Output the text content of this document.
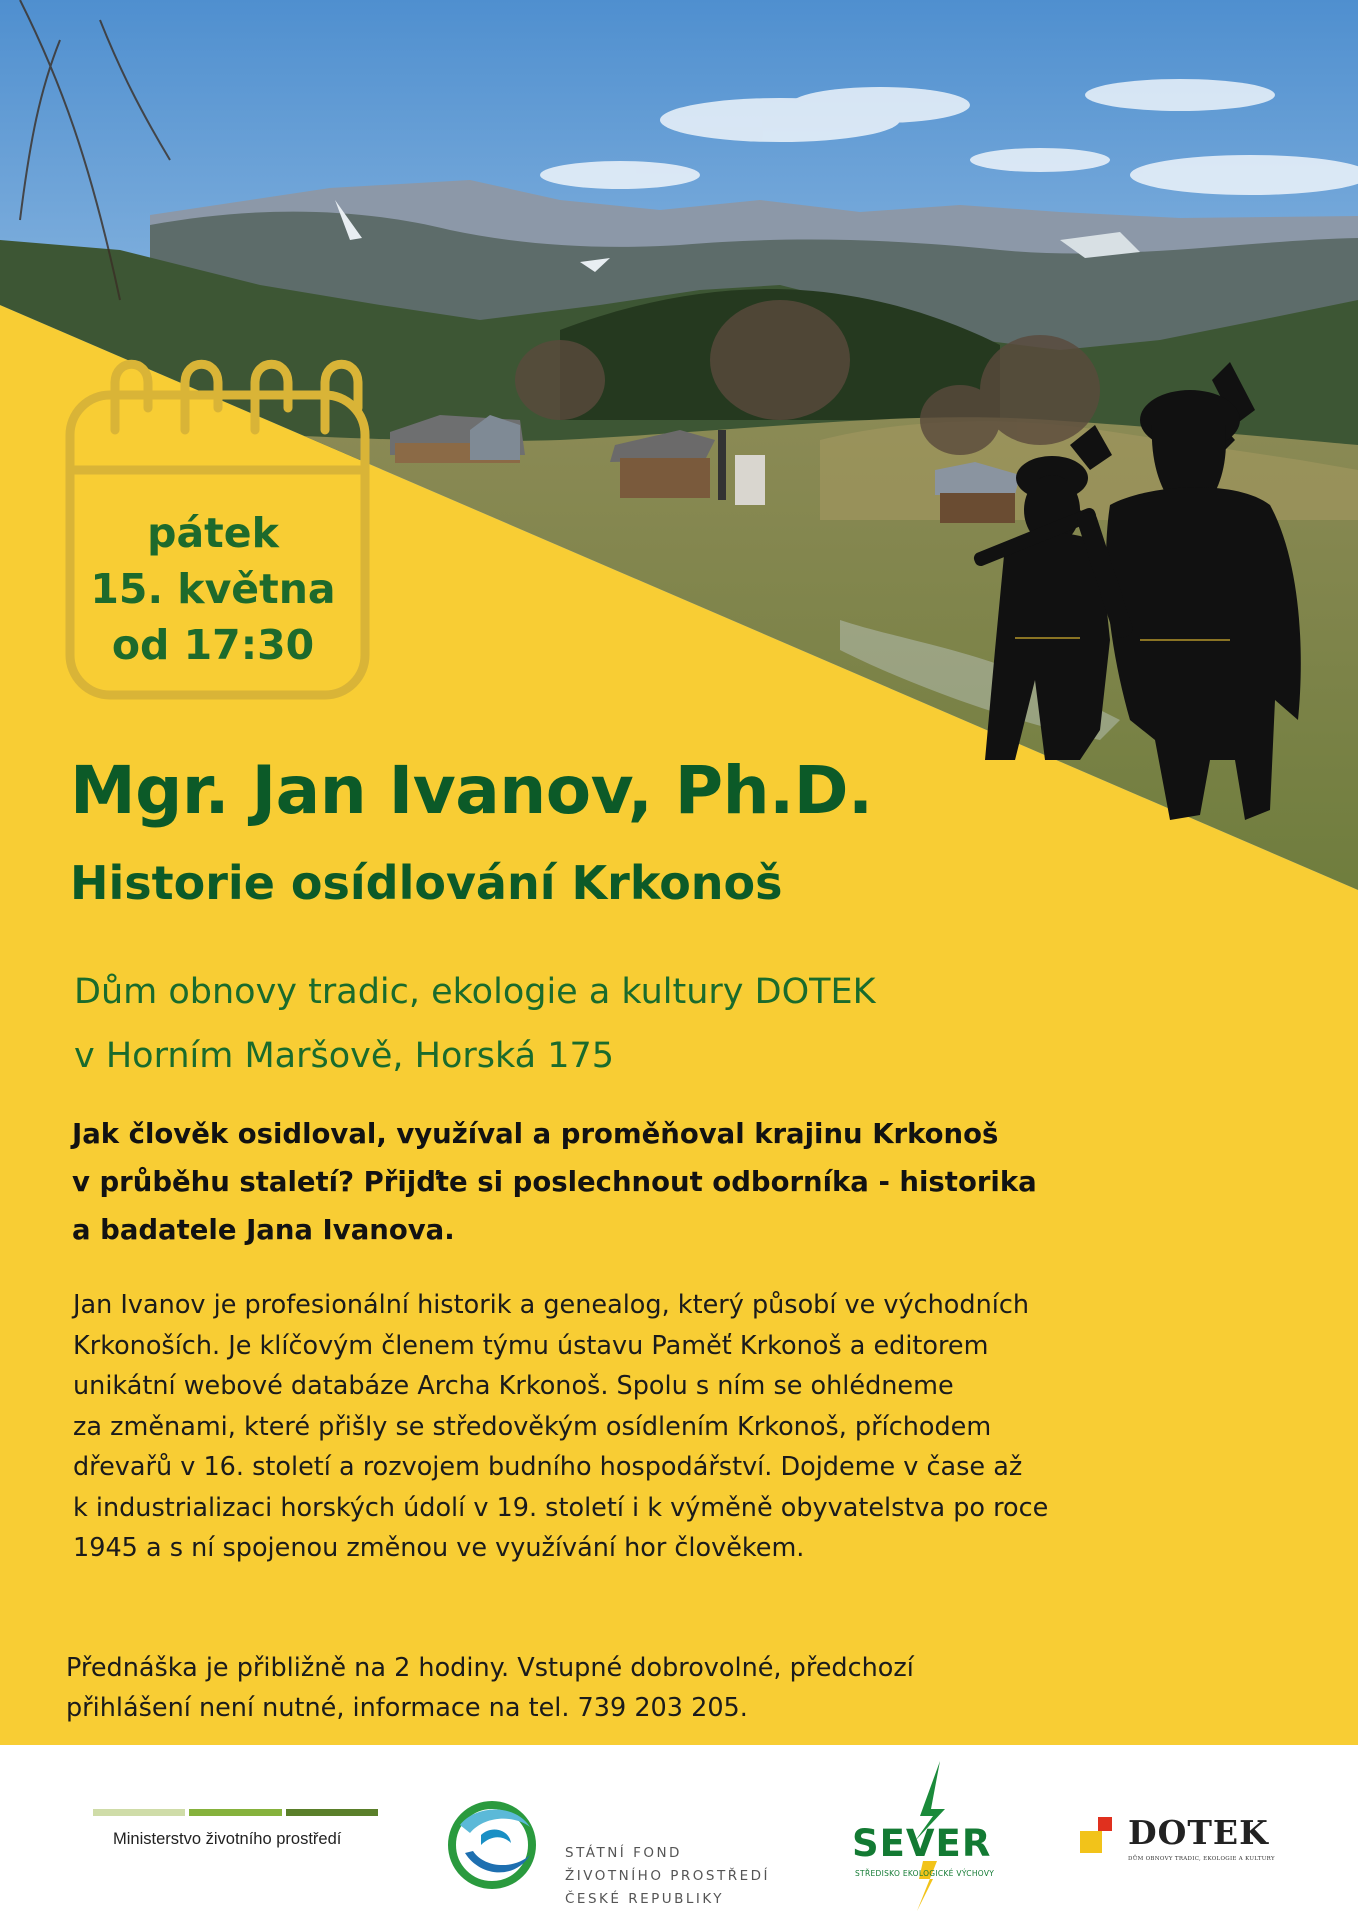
pátek
15. května
od 17:30
Mgr. Jan Ivanov, Ph.D.
Historie osídlování Krkonoš
Dům obnovy tradic, ekologie a kultury DOTEK
v Horním Maršově, Horská 175
Jak člověk osidloval, využíval a proměňoval krajinu Krkonoš
v průběhu staletí? Přijďte si poslechnout odborníka - historika
a badatele Jana Ivanova.
Jan Ivanov je profesionální historik a genealog, který působí ve východních
Krkonoších. Je klíčovým členem týmu ústavu Paměť Krkonoš a editorem
unikátní webové databáze Archa Krkonoš. Spolu s ním se ohlédneme
za změnami, které přišly se středověkým osídlením Krkonoš, příchodem
dřevařů v 16. století a rozvojem budního hospodářství. Dojdeme v čase až
k industrializaci horských údolí v 19. století i k výměně obyvatelstva po roce
1945 a s ní spojenou změnou ve využívání hor člověkem.
Přednáška je přibližně na 2 hodiny. Vstupné dobrovolné, předchozí
přihlášení není nutné, informace na tel. 739 203 205.
Ministerstvo životního prostředí
STÁTNÍ FOND
ŽIVOTNÍHO PROSTŘEDÍ
ČESKÉ REPUBLIKY
SEVER
STŘEDISKO EKOLOGICKÉ VÝCHOVY
DOTEK
DŮM OBNOVY TRADIC, EKOLOGIE A KULTURY
